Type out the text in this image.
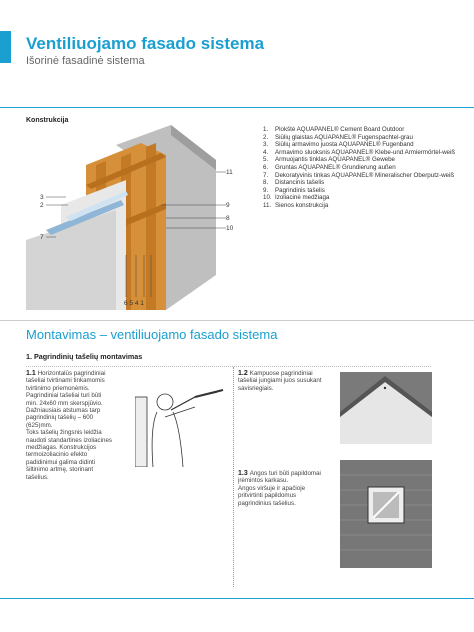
Ventiliuojamo fasado sistema
Išorinė fasadinė sistema
Konstrukcija
11
9
8
10
3
2
7
6 5 4 1
1.	Plokštė AQUAPANEL® Cement Board Outdoor
2.	Siūlių glaistas AQUAPANEL® Fugenspachtel-grau
3.	Siūlių armavimo juosta AQUAPANEL® Fugenband
4.	Armavimo sluoksnis AQUAPANEL® Klebe-und Armiermörtel-weiß
5.	Armuojantis tinklas AQUAPANEL® Gewebe
6.	Gruntas AQUAPANEL® Grundierung außen
7.	Dekoratyvinis tinkas AQUAPANEL® Mineralischer Oberputz-weiß
8.	Distancinis tašelis
9.	Pagrindinis tašelis
10. Izoliacinė medžiaga
11. Sienos konstrukcija
Montavimas – ventiliuojamo fasado sistema
1. Pagrindinių tašelių montavimas
1.1 Horizontalūs pagrindiniai
tašeliai tvirtinami tinkamomis
tvirtinimo priemonėmis.
Pagrindiniai tašeliai turi būti
min. 24x60 mm skerspjūvio.
Dažniausiais atstumas tarp
pagrindinių tašelių – 600
(625)mm.
Toks tašelių žingsnis leidžia
naudoti standartines izoliacines
medžiagas. Konstrukcijos
termoizoliacinio efekto
padidinimui galima didinti
šiltinimo artmę, storinant
tašelius.

1.2 Kampuose pagrindiniai
tašeliai jungiami juos susukant
savisriegiais.

1.3 Angos turi būti papildomai
įrėmintos karkasu.
Angos viršuje ir apačioje
pritvirtinti papildomus
pagrindinius tašelius.
